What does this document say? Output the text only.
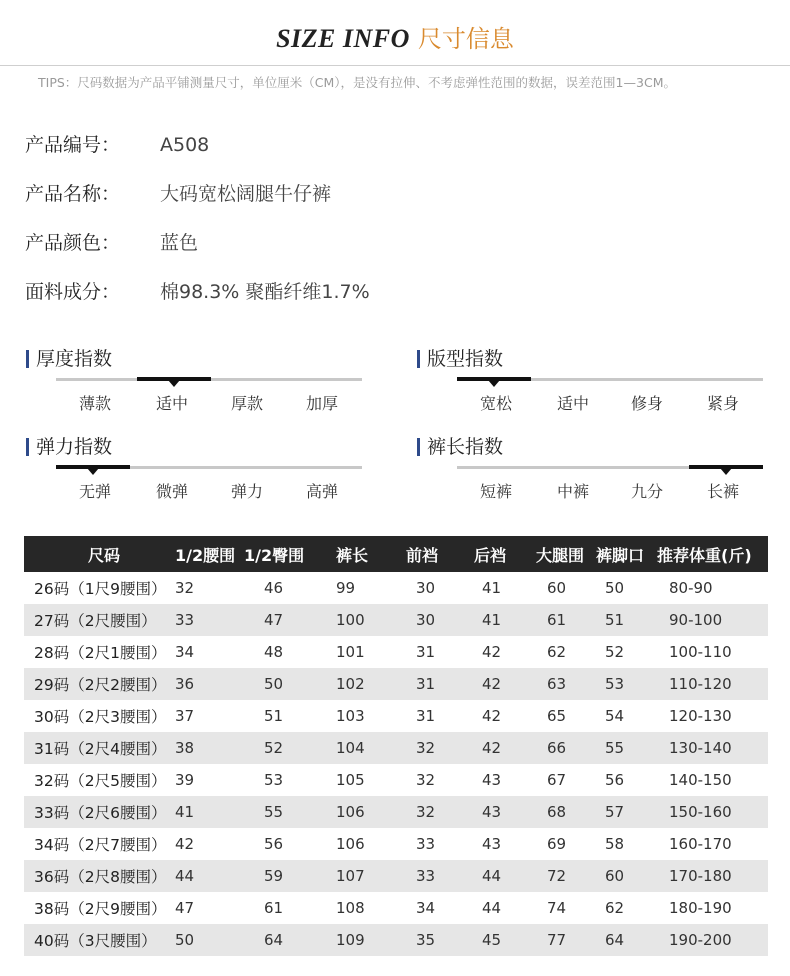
SIZE INFO 尺寸信息
TIPS：尺码数据为产品平铺测量尺寸，单位厘米（CM），是没有拉伸、不考虑弹性范围的数据，误差范围1—3CM。
产品编号：	A508
产品名称：	大码宽松阔腿牛仔裤
产品颜色：	蓝色
面料成分：	棉98.3% 聚酯纤维1.7%
厚度指数
薄款	适中	厚款	加厚
版型指数
宽松	适中	修身	紧身
弹力指数
无弹	微弹	弹力	高弹
裤长指数
短裤	中裤	九分	长裤
尺码	1/2腰围	1/2臀围	裤长	前裆	后裆	大腿围	裤脚口	推荐体重(斤)
26码（1尺9腰围）	32	46	99	30	41	60	50	80-90
27码（2尺腰围）	33	47	100	30	41	61	51	90-100
28码（2尺1腰围）	34	48	101	31	42	62	52	100-110
29码（2尺2腰围）	36	50	102	31	42	63	53	110-120
30码（2尺3腰围）	37	51	103	31	42	65	54	120-130
31码（2尺4腰围）	38	52	104	32	42	66	55	130-140
32码（2尺5腰围）	39	53	105	32	43	67	56	140-150
33码（2尺6腰围）	41	55	106	32	43	68	57	150-160
34码（2尺7腰围）	42	56	106	33	43	69	58	160-170
36码（2尺8腰围）	44	59	107	33	44	72	60	170-180
38码（2尺9腰围）	47	61	108	34	44	74	62	180-190
40码（3尺腰围）	50	64	109	35	45	77	64	190-200
